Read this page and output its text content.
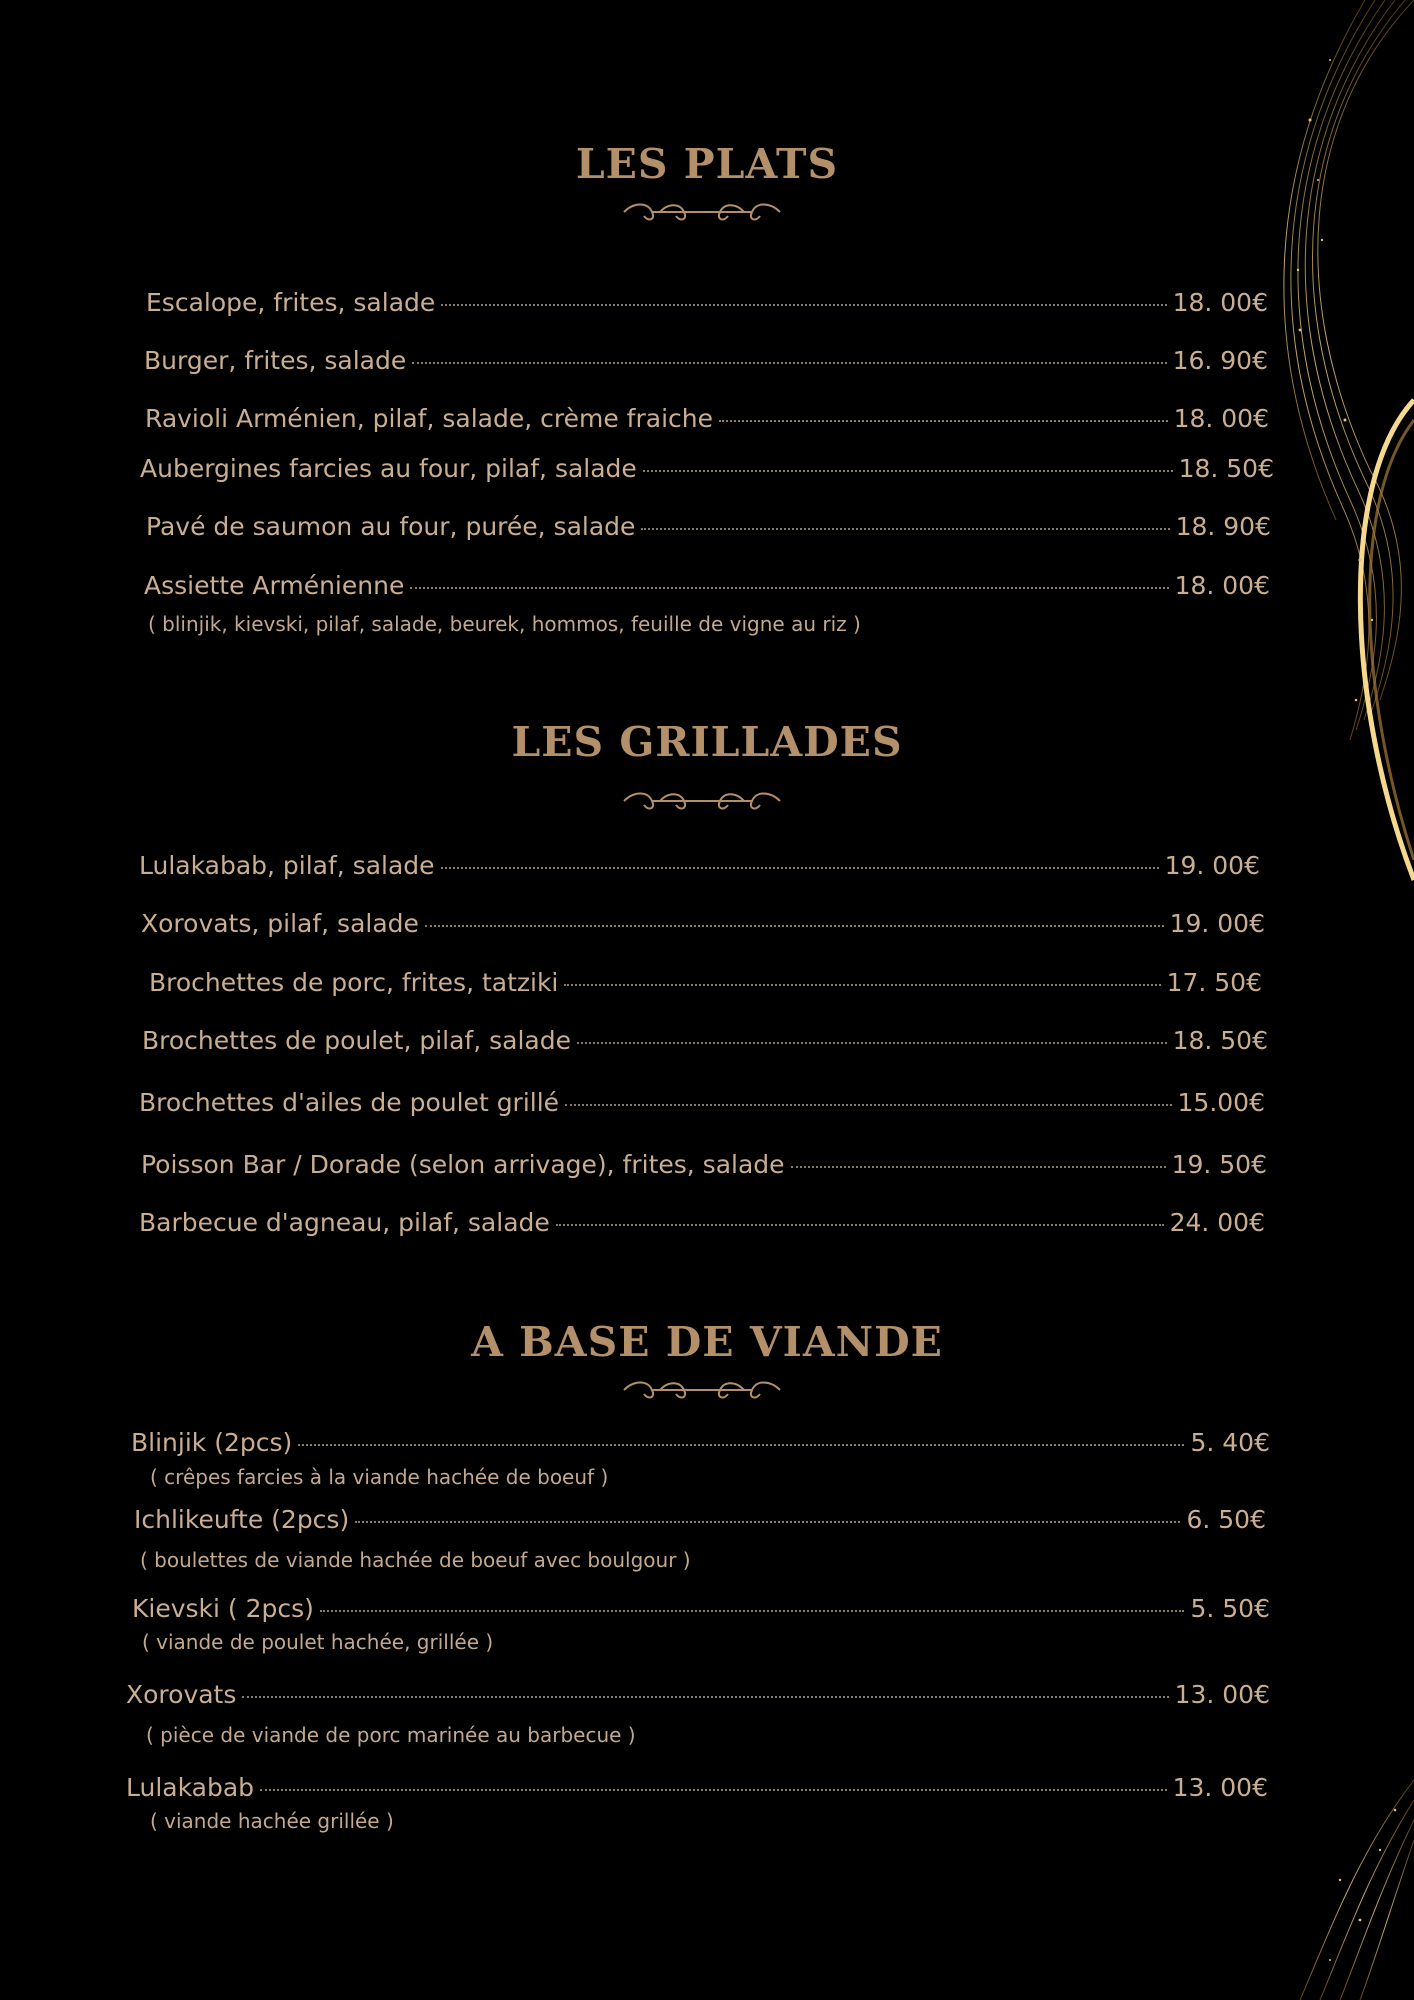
LES PLATS
Escalope, frites, salade	18. 00€
Burger, frites, salade	16. 90€
Ravioli Arménien, pilaf, salade, crème fraiche	18. 00€
Aubergines farcies au four, pilaf, salade	18. 50€
Pavé de saumon au four, purée, salade	18. 90€
Assiette Arménienne	18. 00€
( blinjik, kievski, pilaf, salade, beurek, hommos, feuille de vigne au riz )
LES GRILLADES
Lulakabab, pilaf, salade	19. 00€
Xorovats, pilaf, salade	19. 00€
Brochettes de porc, frites, tatziki	17. 50€
Brochettes de poulet, pilaf, salade	18. 50€
Brochettes d'ailes de poulet grillé	15.00€
Poisson Bar / Dorade (selon arrivage), frites, salade	19. 50€
Barbecue d'agneau, pilaf, salade	24. 00€
A BASE DE VIANDE
Blinjik (2pcs)	5. 40€
( crêpes farcies à la viande hachée de boeuf )
Ichlikeufte (2pcs)	6. 50€
( boulettes de viande hachée de boeuf avec boulgour )
Kievski ( 2pcs)	5. 50€
( viande de poulet hachée, grillée )
Xorovats	13. 00€
( pièce de viande de porc marinée au barbecue )
Lulakabab	13. 00€
( viande hachée grillée )
